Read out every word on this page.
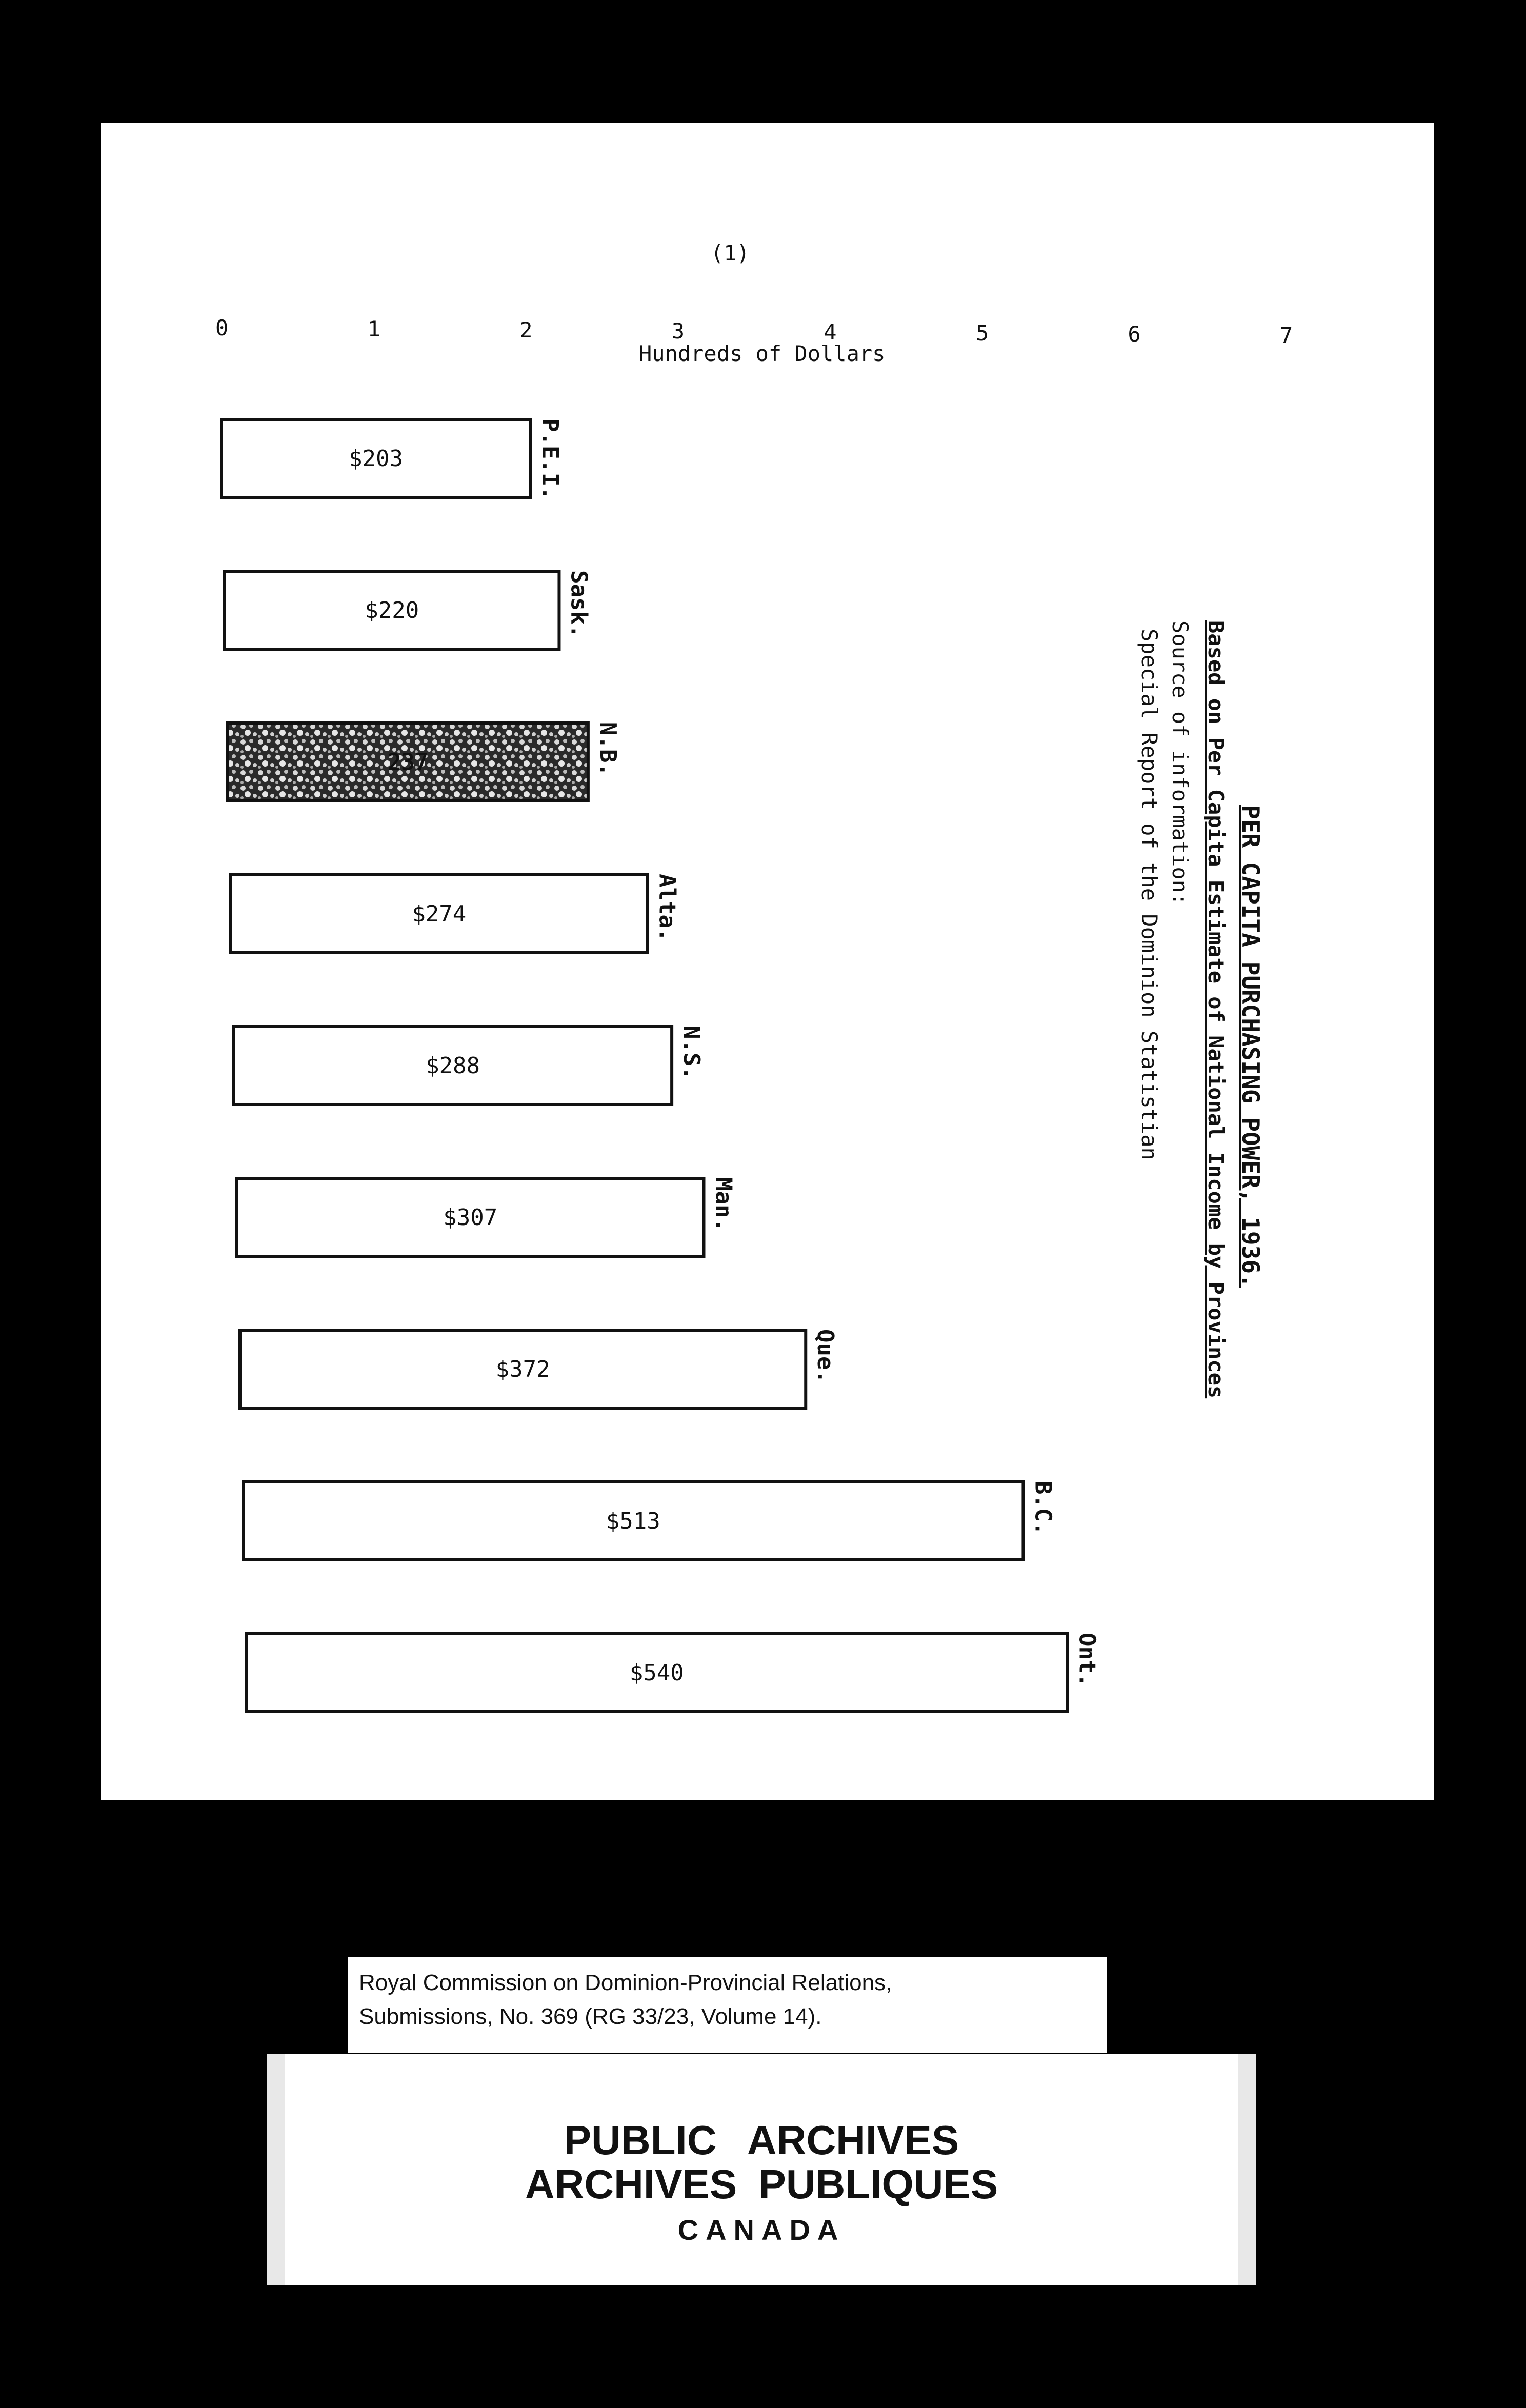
(1)
0	1	2	3	4	5	6	7
Hundreds of Dollars
$203	P.E.I.
$220	Sask.
237	N.B.
$274	Alta.
$288	N.S.
$307	Man.
$372	Que.
$513	B.C.
$540	Ont.
PER CAPITA PURCHASING POWER, 1936.
Based on Per Capita Estimate of National Income by Provinces
Source of information:
Special Report of the Dominion Statistian
Royal Commission on Dominion-Provincial Relations,
Submissions, No. 369 (RG 33/23, Volume 14).
PUBLIC ARCHIVES
ARCHIVES PUBLIQUES
CANADA
